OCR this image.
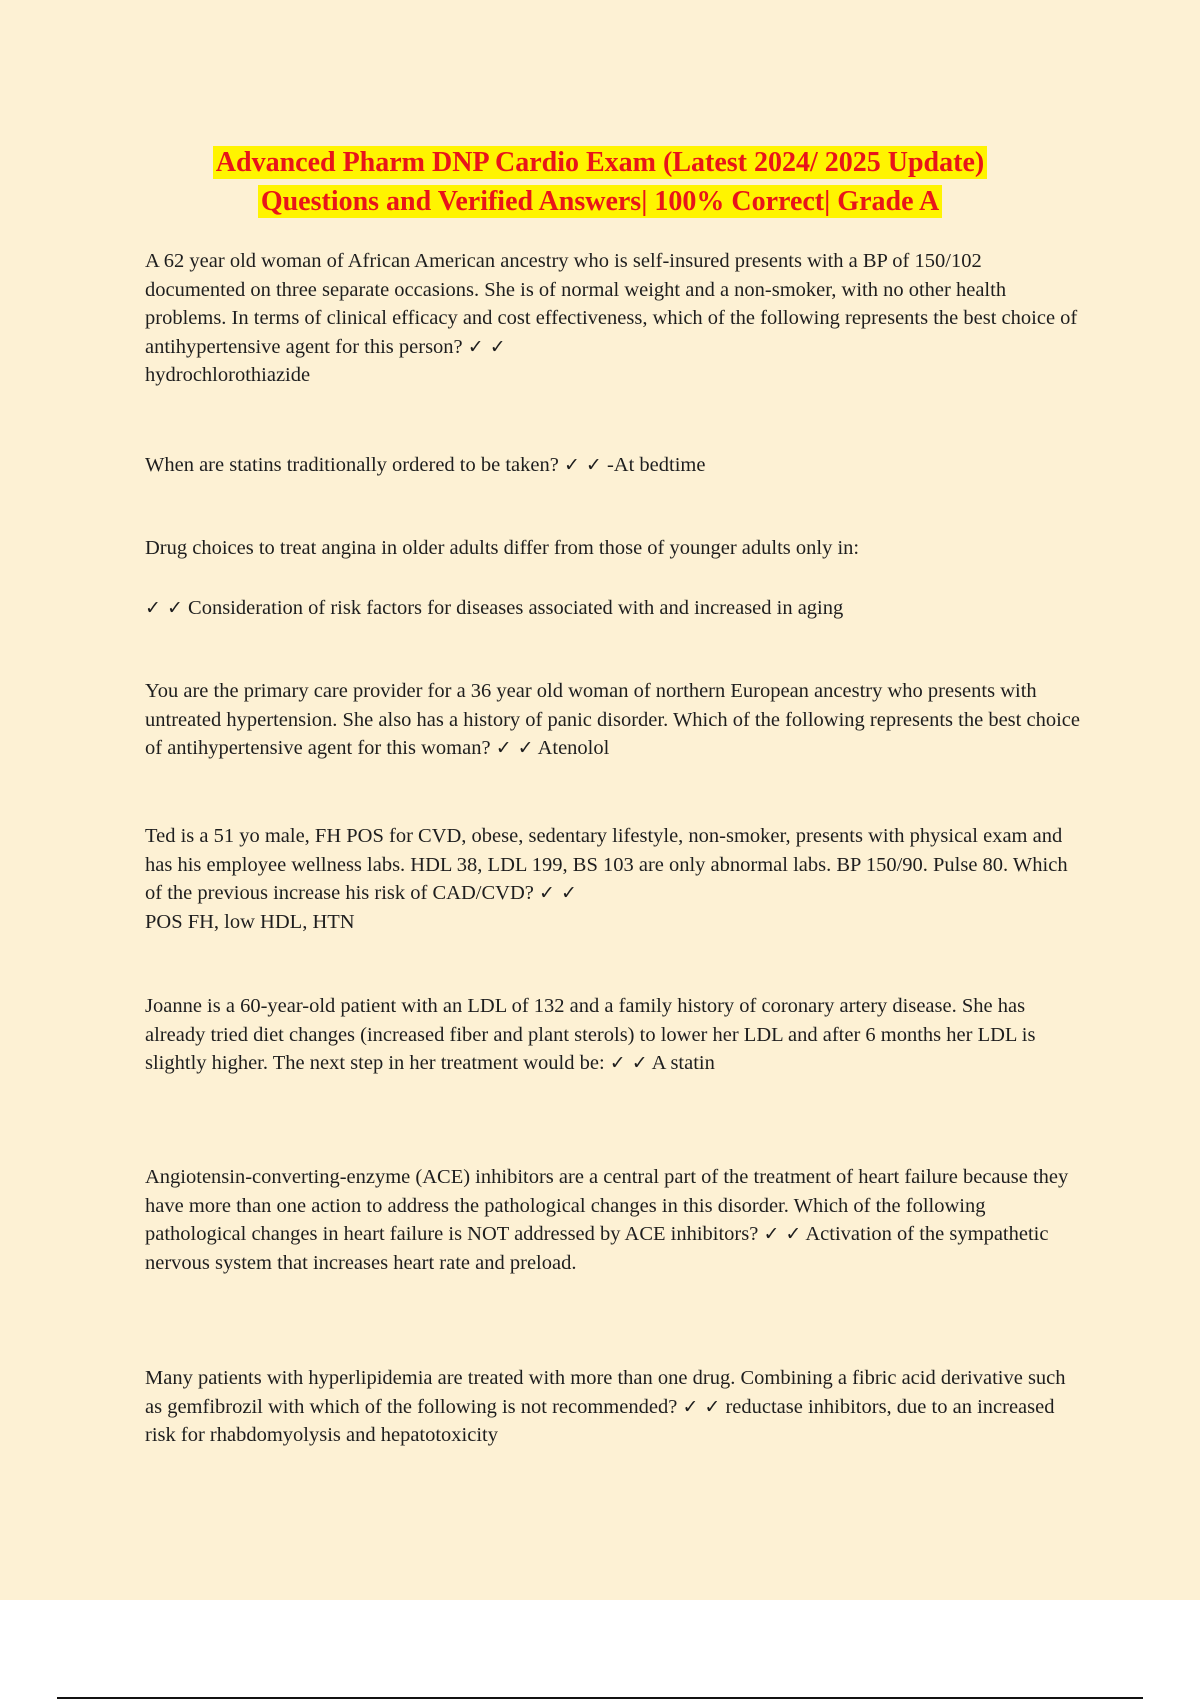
Advanced Pharm DNP Cardio Exam (Latest 2024/ 2025 Update)
Questions and Verified Answers| 100% Correct| Grade A

A 62 year old woman of African American ancestry who is self-insured presents with a BP of 150/102 documented on three separate occasions. She is of normal weight and a non-smoker, with no other health problems. In terms of clinical efficacy and cost effectiveness, which of the following represents the best choice of antihypertensive agent for this person? ✓ ✓
hydrochlorothiazide

When are statins traditionally ordered to be taken? ✓ ✓ -At bedtime

Drug choices to treat angina in older adults differ from those of younger adults only in:

✓ ✓ Consideration of risk factors for diseases associated with and increased in aging

You are the primary care provider for a 36 year old woman of northern European ancestry who presents with untreated hypertension. She also has a history of panic disorder. Which of the following represents the best choice of antihypertensive agent for this woman? ✓ ✓ Atenolol

Ted is a 51 yo male, FH POS for CVD, obese, sedentary lifestyle, non-smoker, presents with physical exam and has his employee wellness labs. HDL 38, LDL 199, BS 103 are only abnormal labs. BP 150/90. Pulse 80. Which of the previous increase his risk of CAD/CVD? ✓ ✓
POS FH, low HDL, HTN

Joanne is a 60-year-old patient with an LDL of 132 and a family history of coronary artery disease. She has already tried diet changes (increased fiber and plant sterols) to lower her LDL and after 6 months her LDL is slightly higher. The next step in her treatment would be: ✓ ✓ A statin

Angiotensin-converting-enzyme (ACE) inhibitors are a central part of the treatment of heart failure because they have more than one action to address the pathological changes in this disorder. Which of the following pathological changes in heart failure is NOT addressed by ACE inhibitors? ✓ ✓ Activation of the sympathetic nervous system that increases heart rate and preload.

Many patients with hyperlipidemia are treated with more than one drug. Combining a fibric acid derivative such as gemfibrozil with which of the following is not recommended? ✓ ✓ reductase inhibitors, due to an increased risk for rhabdomyolysis and hepatotoxicity
